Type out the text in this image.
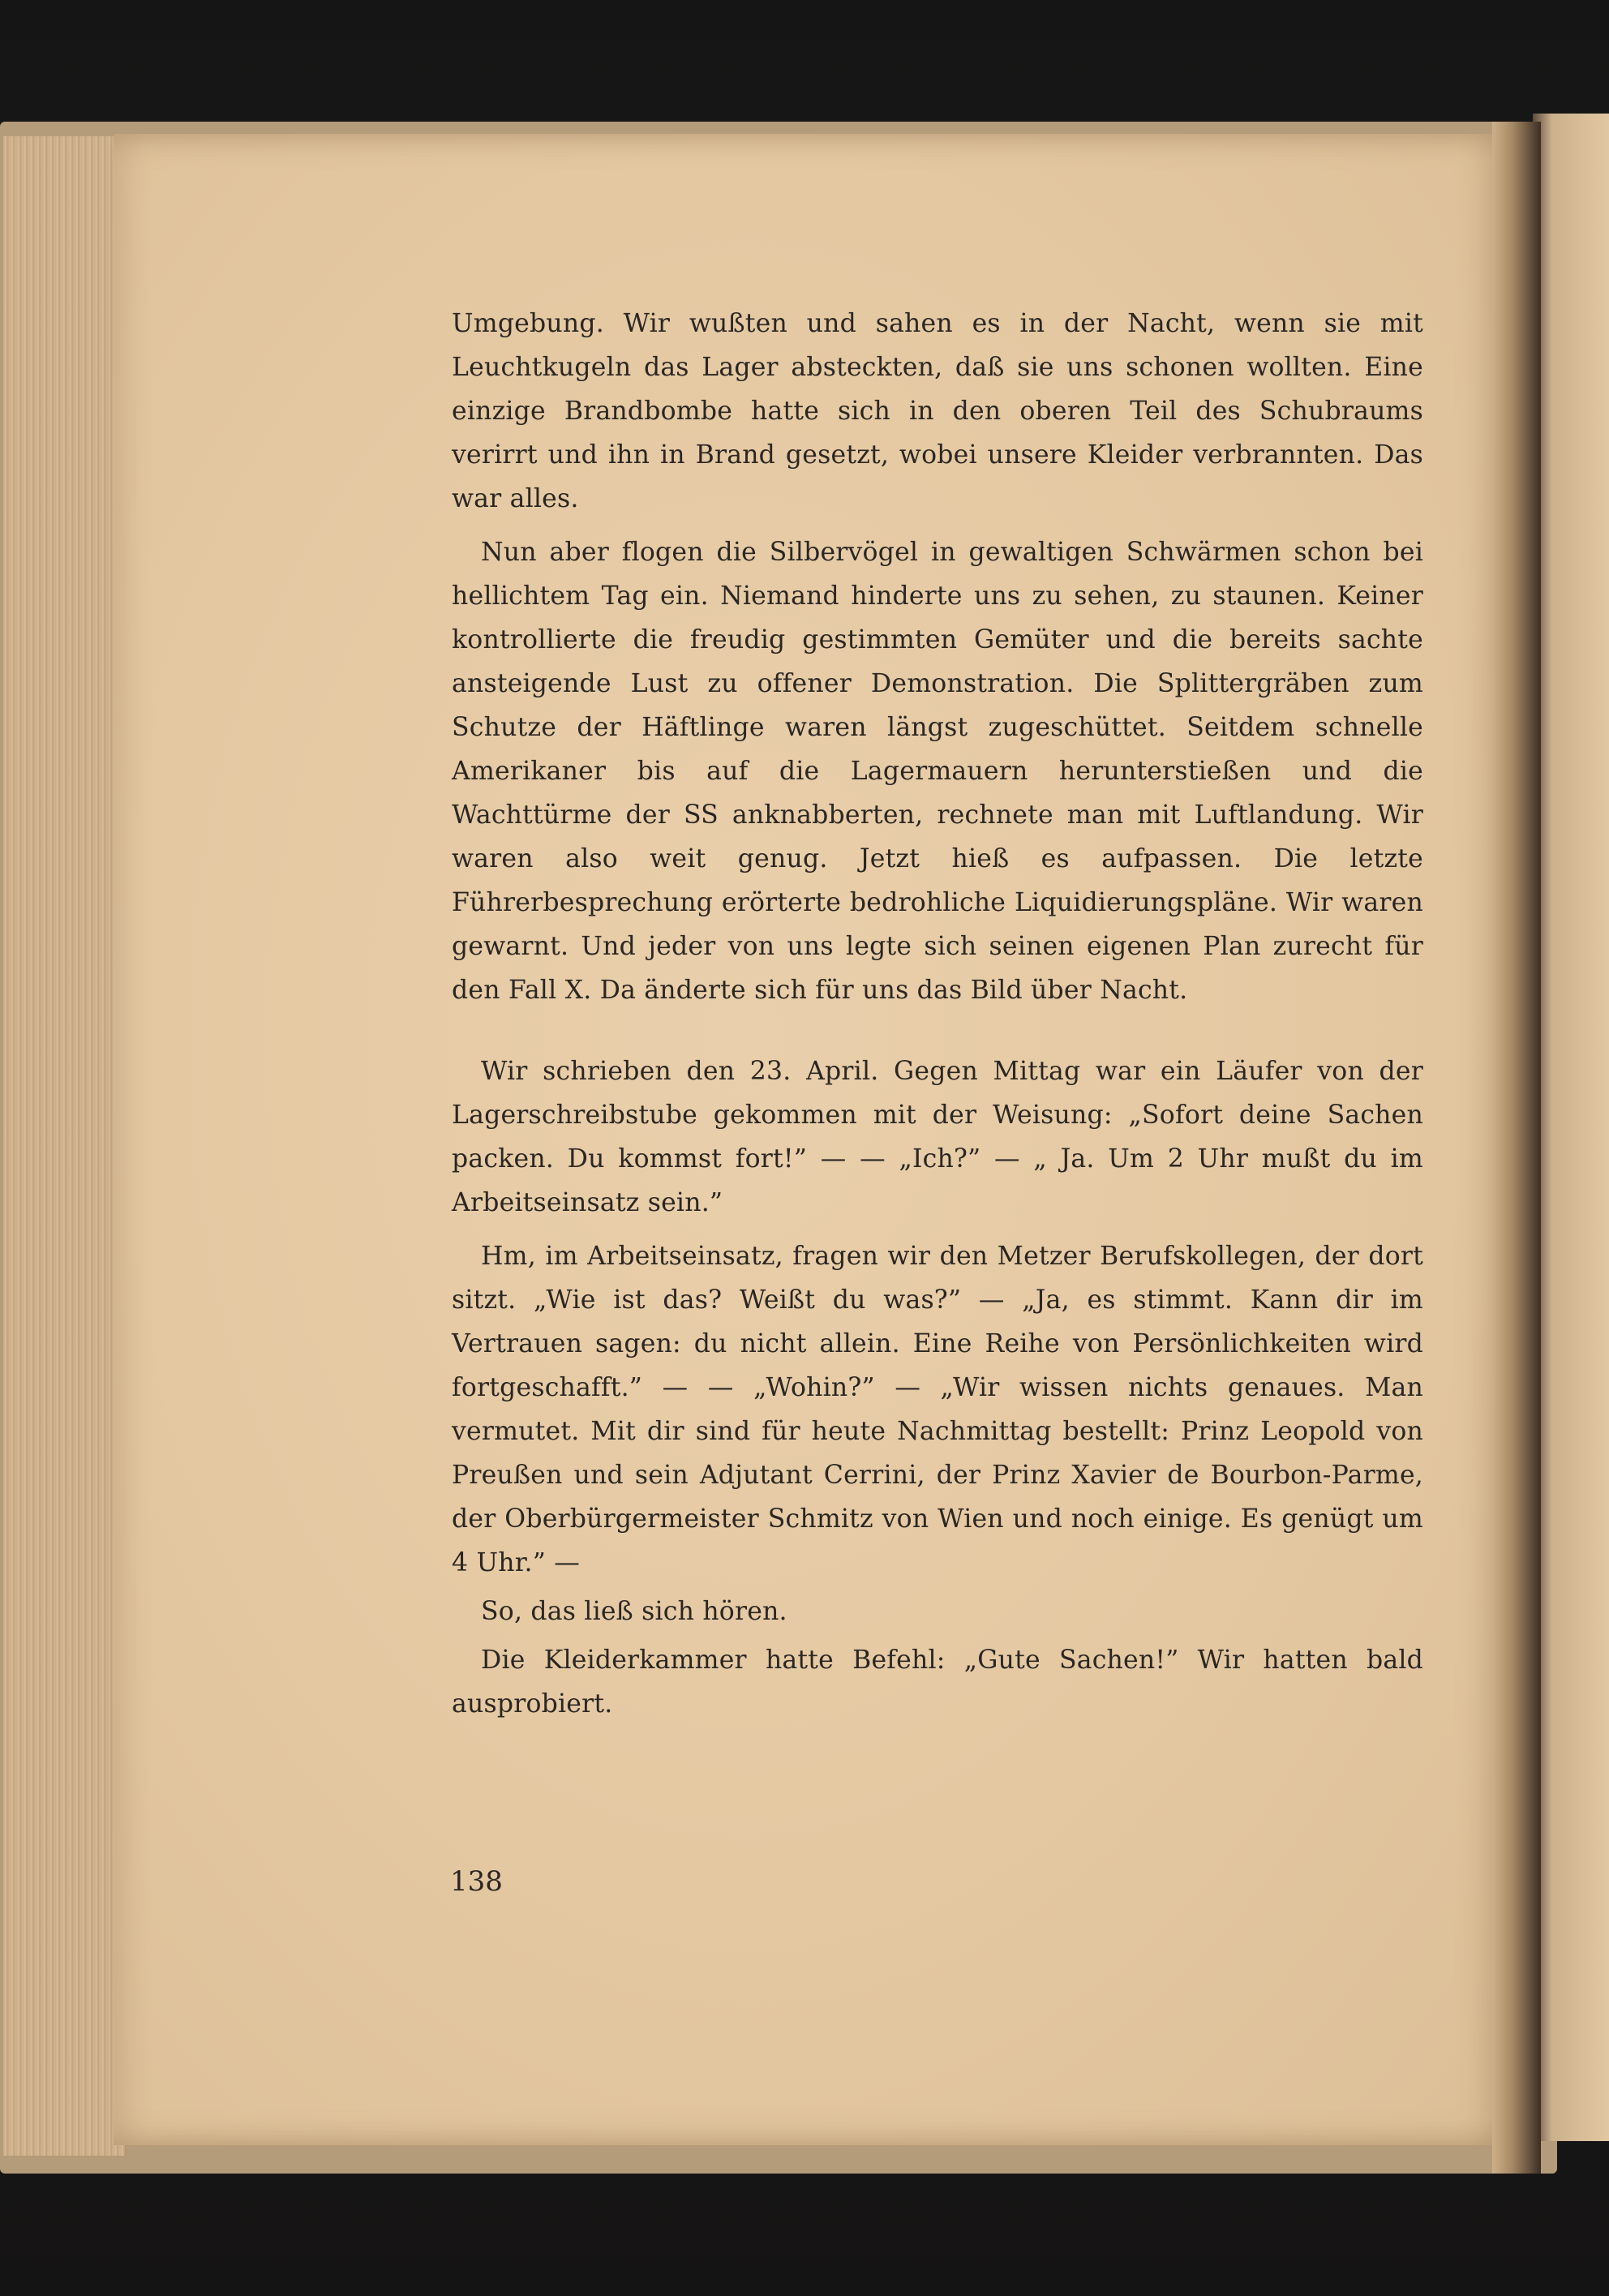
Umgebung. Wir wußten und sahen es in der Nacht, wenn sie mit Leuchtkugeln das Lager absteckten, daß sie uns schonen wollten. Eine einzige Brandbombe hatte sich in den oberen Teil des Schubraums verirrt und ihn in Brand gesetzt, wobei unsere Kleider verbrannten. Das war alles.

Nun aber flogen die Silbervögel in gewaltigen Schwärmen schon bei hellichtem Tag ein. Niemand hinderte uns zu sehen, zu staunen. Keiner kontrollierte die freudig gestimmten Gemüter und die bereits sachte ansteigende Lust zu offener Demonstration. Die Splittergräben zum Schutze der Häftlinge waren längst zugeschüttet. Seitdem schnelle Amerikaner bis auf die Lagermauern herunterstießen und die Wachttürme der SS anknabberten, rechnete man mit Luftlandung. Wir waren also weit genug. Jetzt hieß es aufpassen. Die letzte Führerbesprechung erörterte bedrohliche Liquidierungspläne. Wir waren gewarnt. Und jeder von uns legte sich seinen eigenen Plan zurecht für den Fall X. Da änderte sich für uns das Bild über Nacht.

Wir schrieben den 23. April. Gegen Mittag war ein Läufer von der Lagerschreibstube gekommen mit der Weisung: „Sofort deine Sachen packen. Du kommst fort!” — — „Ich?” — „ Ja. Um 2 Uhr mußt du im Arbeitseinsatz sein.”

Hm, im Arbeitseinsatz, fragen wir den Metzer Berufskollegen, der dort sitzt. „Wie ist das? Weißt du was?” — „Ja, es stimmt. Kann dir im Vertrauen sagen: du nicht allein. Eine Reihe von Persönlichkeiten wird fortgeschafft.” — — „Wohin?” — „Wir wissen nichts genaues. Man vermutet. Mit dir sind für heute Nachmittag bestellt: Prinz Leopold von Preußen und sein Adjutant Cerrini, der Prinz Xavier de Bourbon-Parme, der Oberbürgermeister Schmitz von Wien und noch einige. Es genügt um 4 Uhr.” —

So, das ließ sich hören.

Die Kleiderkammer hatte Befehl: „Gute Sachen!” Wir hatten bald ausprobiert.

138
